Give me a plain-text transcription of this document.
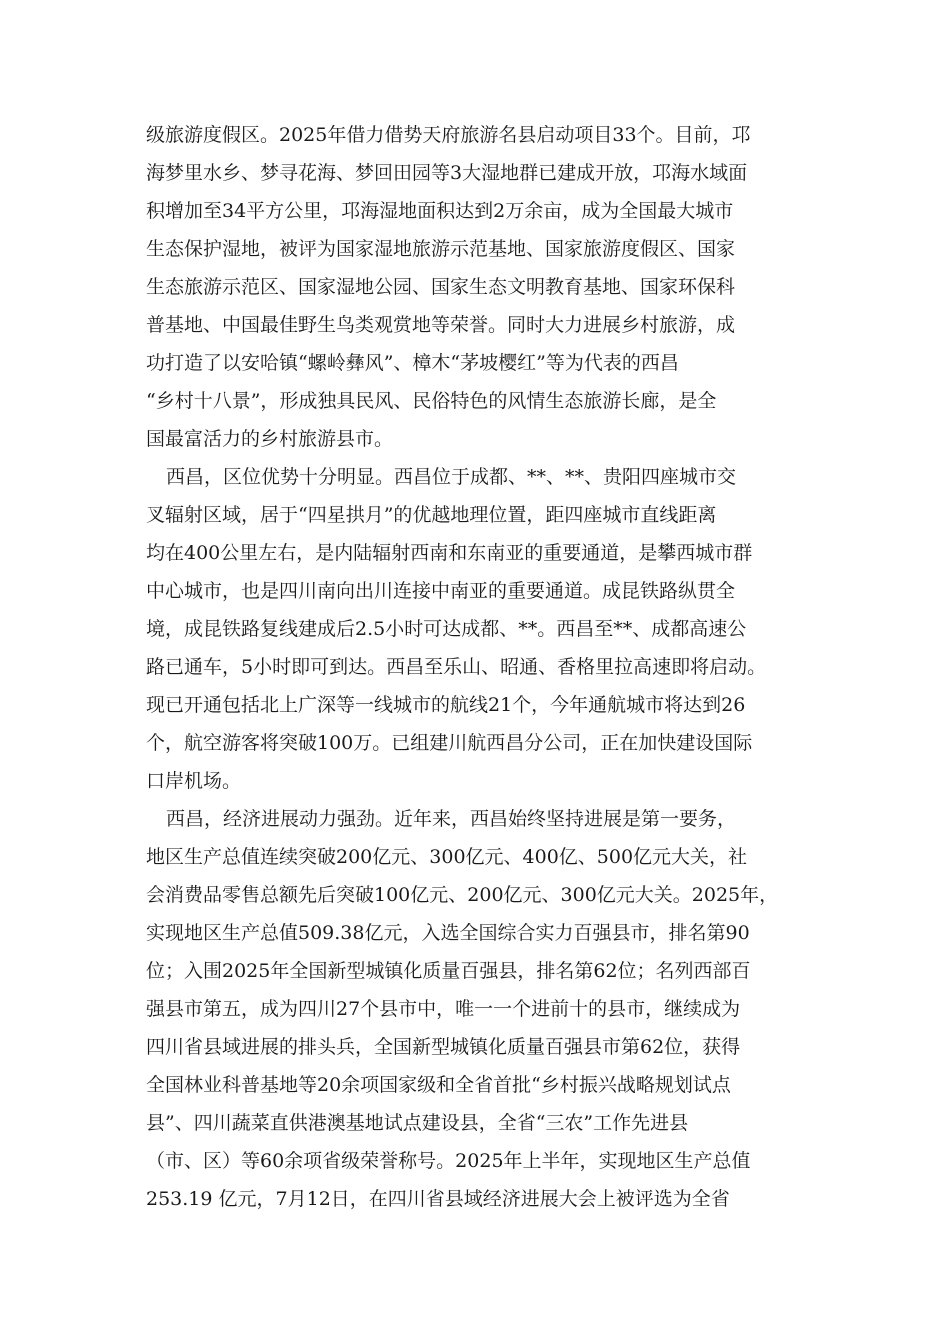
级旅游度假区。2025年借力借势天府旅游名县启动项目33个。目前，邛
海梦里水乡、梦寻花海、梦回田园等3大湿地群已建成开放，邛海水域面
积增加至34平方公里，邛海湿地面积达到2万余亩，成为全国最大城市
生态保护湿地，被评为国家湿地旅游示范基地、国家旅游度假区、国家
生态旅游示范区、国家湿地公园、国家生态文明教育基地、国家环保科
普基地、中国最佳野生鸟类观赏地等荣誉。同时大力进展乡村旅游，成
功打造了以安哈镇“螺岭彝风”、樟木“茅坡樱红”等为代表的西昌
“乡村十八景”，形成独具民风、民俗特色的风情生态旅游长廊，是全
国最富活力的乡村旅游县市。
西昌，区位优势十分明显。西昌位于成都、**、**、贵阳四座城市交
叉辐射区域，居于“四星拱月”的优越地理位置，距四座城市直线距离
均在400公里左右，是内陆辐射西南和东南亚的重要通道，是攀西城市群
中心城市，也是四川南向出川连接中南亚的重要通道。成昆铁路纵贯全
境，成昆铁路复线建成后2.5小时可达成都、**。西昌至**、成都高速公
路已通车，5小时即可到达。西昌至乐山、昭通、香格里拉高速即将启动。
现已开通包括北上广深等一线城市的航线21个，今年通航城市将达到26
个，航空游客将突破100万。已组建川航西昌分公司，正在加快建设国际
口岸机场。
西昌，经济进展动力强劲。近年来，西昌始终坚持进展是第一要务，
地区生产总值连续突破200亿元、300亿元、400亿、500亿元大关，社
会消费品零售总额先后突破100亿元、200亿元、300亿元大关。2025年，
实现地区生产总值509.38亿元，入选全国综合实力百强县市，排名第90
位；入围2025年全国新型城镇化质量百强县，排名第62位；名列西部百
强县市第五，成为四川27个县市中，唯一一个进前十的县市，继续成为
四川省县域进展的排头兵，全国新型城镇化质量百强县市第62位，获得
全国林业科普基地等20余项国家级和全省首批“乡村振兴战略规划试点
县”、四川蔬菜直供港澳基地试点建设县，全省“三农”工作先进县
（市、区）等60余项省级荣誉称号。2025年上半年，实现地区生产总值
253.19 亿元，7月12日，在四川省县域经济进展大会上被评选为全省
